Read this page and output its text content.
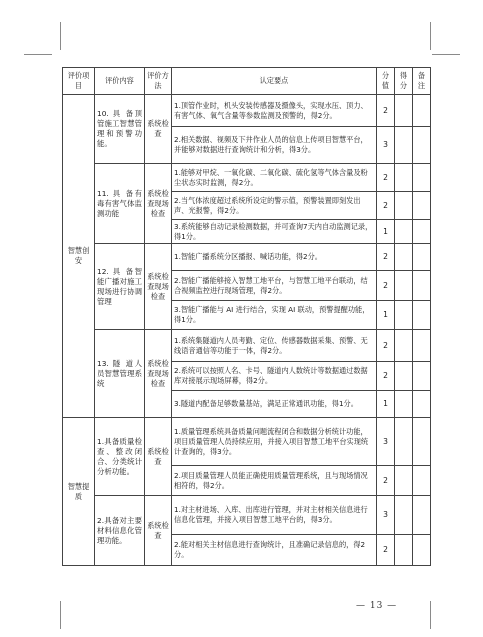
评价项目	评价内容	评价方法	认定要点	分值	得分	备注
智慧创安	10. 具 备顶管施工智慧管理和预警功能。	系统检查	1.顶管作业时，机头安装传感器及摄像头，实现水压、顶力、有害气体、氧气含量等参数监测及预警的，得2分。	2		
			2.相关数据、视频及下井作业人员的信息上传项目智慧平台，并能够对数据进行查询统计和分析，得3分。	3		
	11. 具 备有毒有害气体监测功能	系统检查现场检查	1.能够对甲烷、一氧化碳、二氧化碳、硫化氢等气体含量及粉尘状态实时监测，得2分。	2		
			2.当气体浓度超过系统所设定的警示值，预警装置即刻发出声、光报警，得2分。	2		
			3.系统能够自动记录检测数据，并可查询7天内自动监测记录，得1分。	1		
	12. 具 备智能广播对施工现场进行协调管理	系统检查现场检查	1.智能广播系统分区播报、喊话功能，得2分。	2		
			2.智能广播能够接入智慧工地平台，与智慧工地平台联动，结合视频监控进行现场管理，得2分。	2		
			3.智能广播能与 AI 进行结合，实现 AI 联动，预警提醒功能，得1分。	1		
	13. 隧 道人员智慧管理系统	系统检查现场检查	1.系统集隧道内人员考勤、定位、传感器数据采集、预警、无线语音通信等功能于一体，得2分。	2		
			2.系统可以按照人名、卡号、隧道内人数统计等数据通过数据库对接展示现场屏幕，得2分。	2		
			3.隧道内配备足够数量基站，满足正常通讯功能，得1分。	1		
智慧提质	1.具备质量检查、整改闭合、分类统计分析功能。	系统检查	1.质量管理系统具备质量问题流程闭合和数据分析统计功能，项目质量管理人员持续应用，并接入项目智慧工地平台实现统计查询的，得3分。	3		
			2.项目质量管理人员能正确使用质量管理系统，且与现场情况相符的，得2分。	2		
	2.具备对主要材料信息化管理功能。	系统检查	1.对主材进场、入库、出库进行管理，并对主材相关信息进行信息化管理，并接入项目智慧工地平台的，得3分。	3		
			2.能对相关主材信息进行查询统计，且准确记录信息的，得2分。	2		
— 13 —
